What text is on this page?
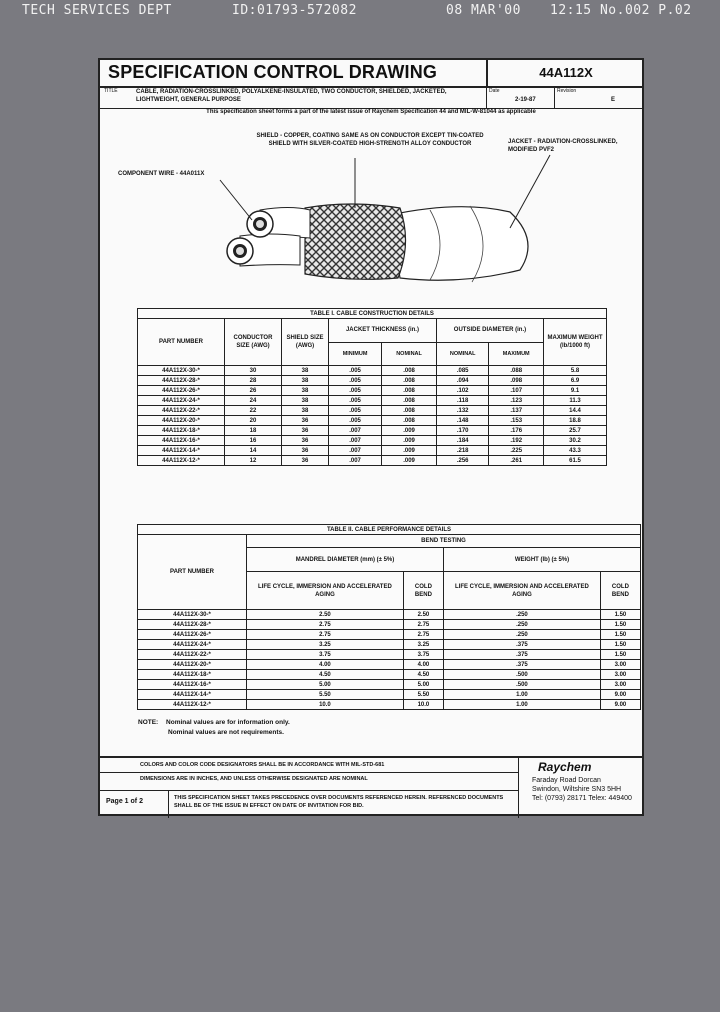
TECH SERVICES DEPT	ID:01793-572082	08 MAR'00 12:15 No.002 P.02
SPECIFICATION CONTROL DRAWING	44A112X
TITLE	CABLE, RADIATION-CROSSLINKED, POLYALKENE-INSULATED, TWO CONDUCTOR, SHIELDED, JACKETED, LIGHTWEIGHT, GENERAL PURPOSE
Date
2-19-87
Revision
E
This specification sheet forms a part of the latest issue of Raychem Specification 44 and MIL-W-81044 as applicable
SHIELD - COPPER, COATING SAME AS ON CONDUCTOR EXCEPT TIN-COATED SHIELD WITH SILVER-COATED HIGH-STRENGTH ALLOY CONDUCTOR	JACKET - RADIATION-CROSSLINKED, MODIFIED PVF2
COMPONENT WIRE - 44A011X
TABLE I. CABLE CONSTRUCTION DETAILS							
PART NUMBER	CONDUCTOR SIZE (AWG)	SHIELD SIZE (AWG)	JACKET THICKNESS (in.)		OUTSIDE DIAMETER (in.)		MAXIMUM WEIGHT (lb/1000 ft)
			MINIMUM	NOMINAL	NOMINAL	MAXIMUM	
44A112X-30-*	30	38	.005	.008	.085	.088	5.8
44A112X-28-*	28	38	.005	.008	.094	.098	6.9
44A112X-26-*	26	38	.005	.008	.102	.107	9.1
44A112X-24-*	24	38	.005	.008	.118	.123	11.3
44A112X-22-*	22	38	.005	.008	.132	.137	14.4
44A112X-20-*	20	36	.005	.008	.148	.153	18.8
44A112X-18-*	18	36	.007	.009	.170	.176	25.7
44A112X-16-*	16	36	.007	.009	.184	.192	30.2
44A112X-14-*	14	36	.007	.009	.218	.225	43.3
44A112X-12-*	12	36	.007	.009	.256	.261	61.5
TABLE II. CABLE PERFORMANCE DETAILS				
PART NUMBER	BEND TESTING			
	MANDREL DIAMETER (mm) (± 5%)		WEIGHT (lb) (± 5%)	
	LIFE CYCLE, IMMERSION AND ACCELERATED AGING	COLD BEND	LIFE CYCLE, IMMERSION AND ACCELERATED AGING	COLD BEND
44A112X-30-*	2.50	2.50	.250	1.50
44A112X-28-*	2.75	2.75	.250	1.50
44A112X-26-*	2.75	2.75	.250	1.50
44A112X-24-*	3.25	3.25	.375	1.50
44A112X-22-*	3.75	3.75	.375	1.50
44A112X-20-*	4.00	4.00	.375	3.00
44A112X-18-*	4.50	4.50	.500	3.00
44A112X-16-*	5.00	5.00	.500	3.00
44A112X-14-*	5.50	5.50	1.00	9.00
44A112X-12-*	10.0	10.0	1.00	9.00
NOTE: Nominal values are for information only.
Nominal values are not requirements.
COLORS AND COLOR CODE DESIGNATORS SHALL BE IN ACCORDANCE WITH MIL-STD-681
DIMENSIONS ARE IN INCHES, AND UNLESS OTHERWISE DESIGNATED ARE NOMINAL
Page 1 of 2	THIS SPECIFICATION SHEET TAKES PRECEDENCE OVER DOCUMENTS REFERENCED HEREIN. REFERENCED DOCUMENTS SHALL BE OF THE ISSUE IN EFFECT ON DATE OF INVITATION FOR BID.
Raychem
Faraday Road Dorcan
Swindon, Wiltshire SN3 5HH
Tel: (0793) 28171 Telex: 449400
